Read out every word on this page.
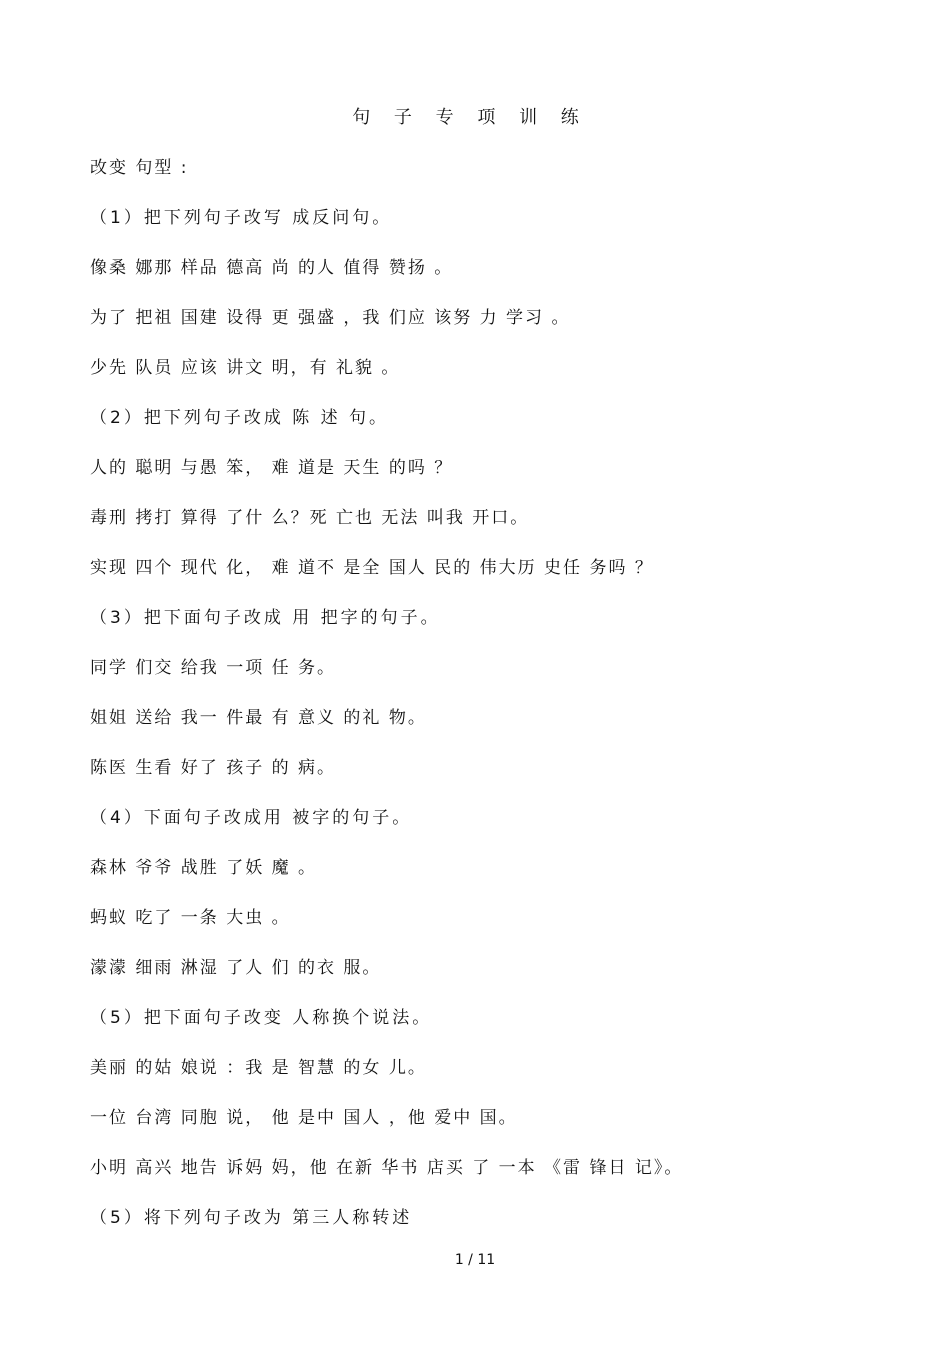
句 子 专 项 训 练
改变 句型 :
（1）把下列句子改写 成反问句。
像桑 娜那 样品 德高 尚 的人 值得 赞扬 。
为了 把祖 国建 设得 更 强盛 ，我 们应 该努 力 学习 。
少先 队员 应该 讲文 明，有 礼貌 。
（2）把下列句子改成 陈 述 句。
人的 聪明 与愚 笨， 难 道是 天生 的吗 ？
毒刑 拷打 算得 了什 么？死 亡也 无法 叫我 开口。
实现 四个 现代 化， 难 道不 是全 国人 民的 伟大历 史任 务吗 ？
（3）把下面句子改成 用 把字的句子。
同学 们交 给我 一项 任 务。
姐姐 送给 我一 件最 有 意义 的礼 物。
陈医 生看 好了 孩子 的 病。
（4）下面句子改成用 被字的句子。
森林 爷爷 战胜 了妖 魔 。
蚂蚁 吃了 一条 大虫 。
濛濛 细雨 淋湿 了人 们 的衣 服。
（5）把下面句子改变 人称换个说法。
美丽 的姑 娘说 ：我 是 智慧 的女 儿。
一位 台湾 同胞 说， 他 是中 国人 ，他 爱中 国。
小明 高兴 地告 诉妈 妈，他 在新 华书 店买 了 一本 《雷 锋日 记》。
（5）将下列句子改为 第三人称转述
1 / 11
